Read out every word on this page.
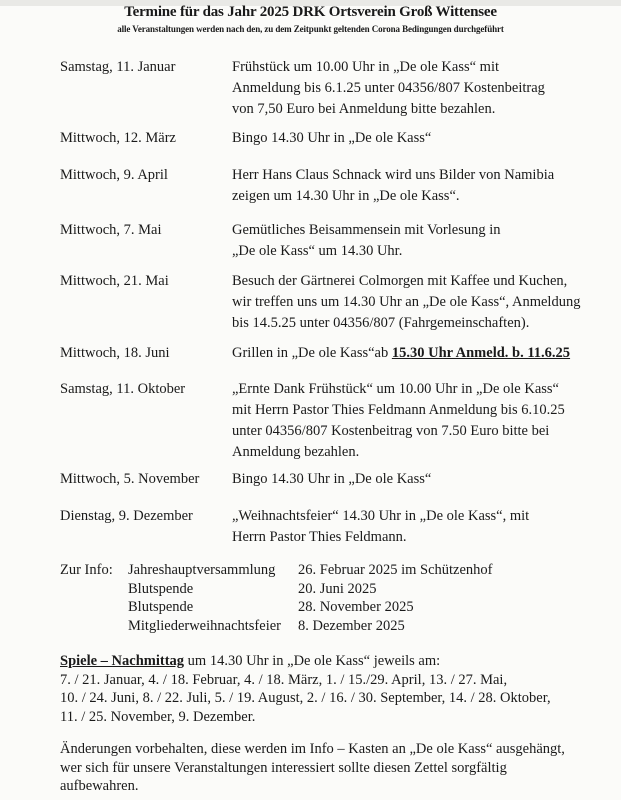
Termine für das Jahr 2025 DRK Ortsverein Groß Wittensee
alle Veranstaltungen werden nach den, zu dem Zeitpunkt geltenden Corona Bedingungen durchgeführt
Samstag, 11. Januar	Frühstück um 10.00 Uhr in „De ole Kass“ mit
Anmeldung bis 6.1.25 unter 04356/807 Kostenbeitrag
von 7,50 Euro bei Anmeldung bitte bezahlen.
Mittwoch, 12. März	Bingo 14.30 Uhr in „De ole Kass“
Mittwoch, 9. April	Herr Hans Claus Schnack wird uns Bilder von Namibia
zeigen um 14.30 Uhr in „De ole Kass“.
Mittwoch, 7. Mai	Gemütliches Beisammensein mit Vorlesung in
„De ole Kass“ um 14.30 Uhr.
Mittwoch, 21. Mai	Besuch der Gärtnerei Colmorgen mit Kaffee und Kuchen,
wir treffen uns um 14.30 Uhr an „De ole Kass“, Anmeldung
bis 14.5.25 unter 04356/807 (Fahrgemeinschaften).
Mittwoch, 18. Juni	Grillen in „De ole Kass“ab 15.30 Uhr Anmeld. b. 11.6.25
Samstag, 11. Oktober	„Ernte Dank Frühstück“ um 10.00 Uhr in „De ole Kass“
mit Herrn Pastor Thies Feldmann Anmeldung bis 6.10.25
unter 04356/807 Kostenbeitrag von 7.50 Euro bitte bei
Anmeldung bezahlen.
Mittwoch, 5. November Bingo 14.30 Uhr in „De ole Kass“
Dienstag, 9. Dezember	„Weihnachtsfeier“ 14.30 Uhr in „De ole Kass“, mit
Herrn Pastor Thies Feldmann.
Zur Info: Jahreshauptversammlung 26. Februar 2025 im Schützenhof
Blutspende	20. Juni 2025
Blutspende	28. November 2025
Mitgliederweihnachtsfeier 8. Dezember 2025
Spiele – Nachmittag um 14.30 Uhr in „De ole Kass“ jeweils am:
7. / 21. Januar, 4. / 18. Februar, 4. / 18. März, 1. / 15./29. April, 13. / 27. Mai,
10. / 24. Juni, 8. / 22. Juli, 5. / 19. August, 2. / 16. / 30. September, 14. / 28. Oktober,
11. / 25. November, 9. Dezember.
Änderungen vorbehalten, diese werden im Info – Kasten an „De ole Kass“ ausgehängt,
wer sich für unsere Veranstaltungen interessiert sollte diesen Zettel sorgfältig
aufbewahren.
